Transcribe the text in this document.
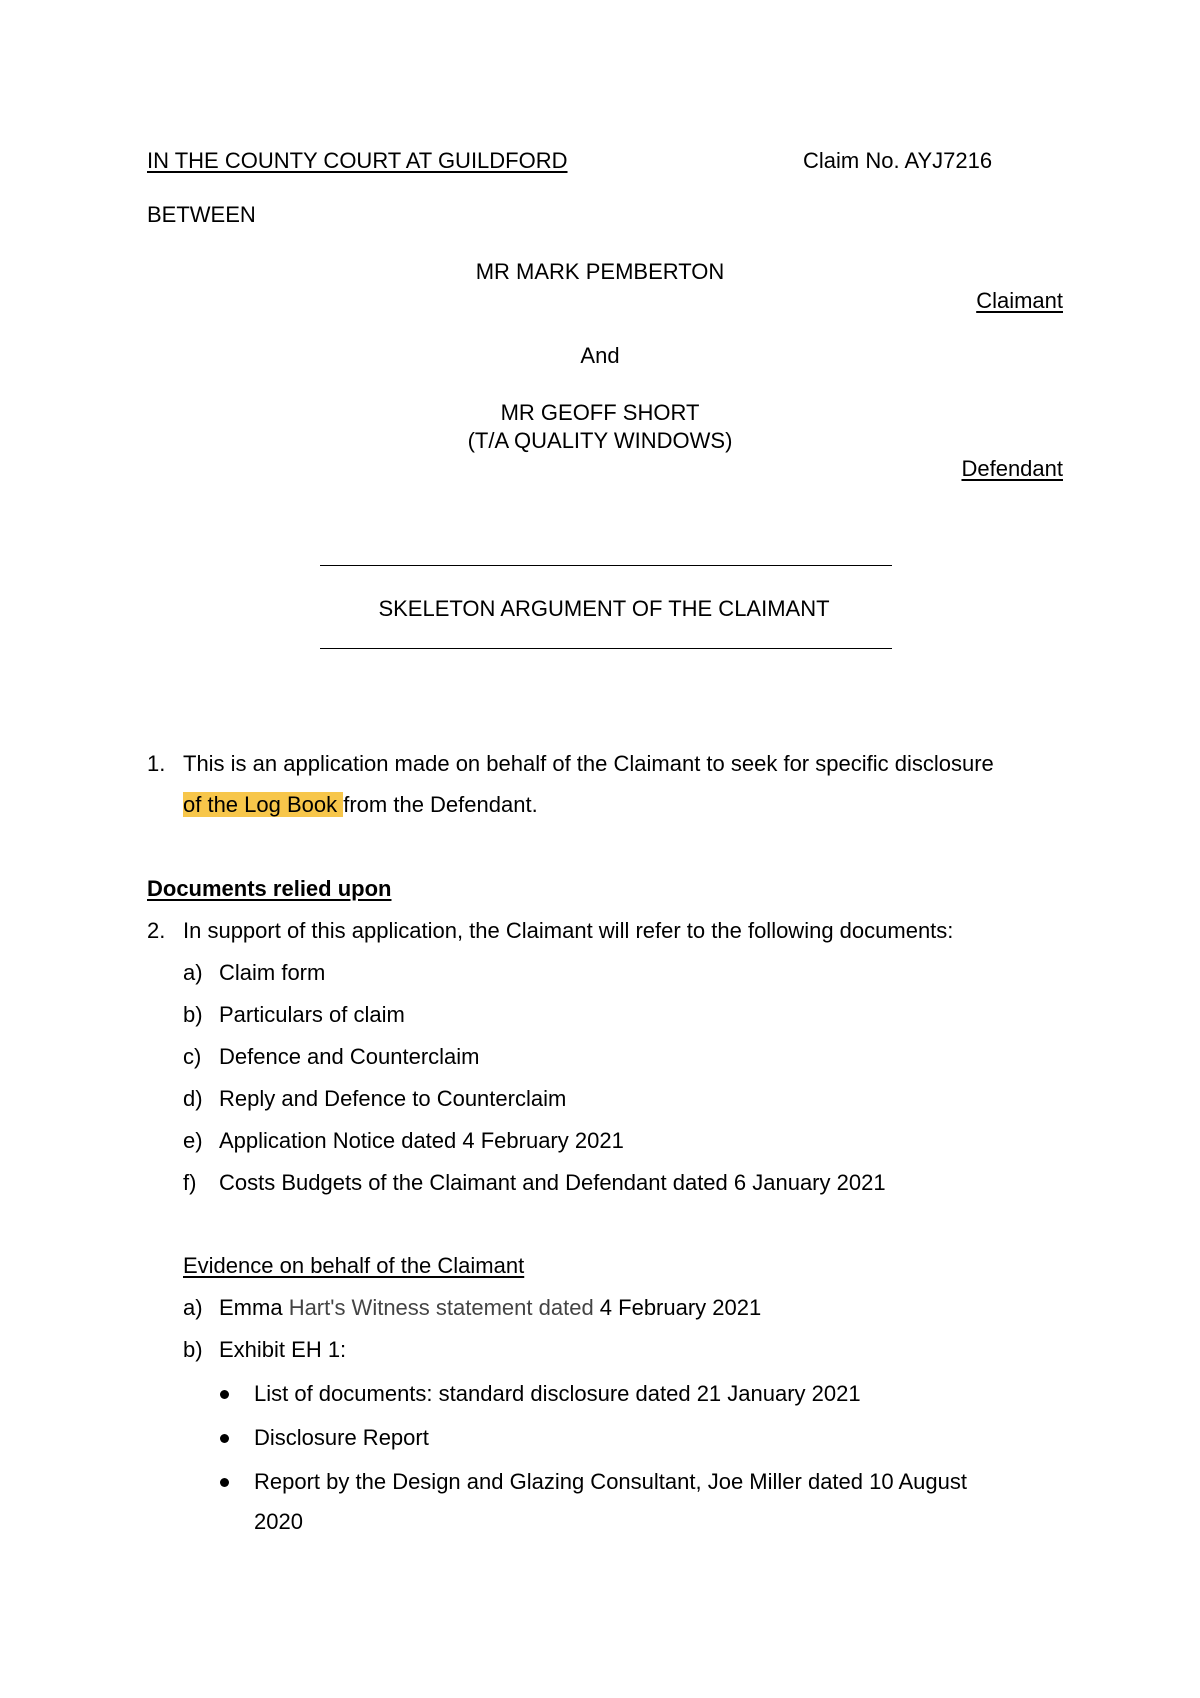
IN THE COUNTY COURT AT GUILDFORD	Claim No. AYJ7216
BETWEEN
MR MARK PEMBERTON
Claimant
And
MR GEOFF SHORT
(T/A QUALITY WINDOWS)
Defendant
SKELETON ARGUMENT OF THE CLAIMANT
1. This is an application made on behalf of the Claimant to seek for specific disclosure
of the Log Book from the Defendant.
Documents relied upon
2. In support of this application, the Claimant will refer to the following documents:
a) Claim form
b) Particulars of claim
c) Defence and Counterclaim
d) Reply and Defence to Counterclaim
e) Application Notice dated 4 February 2021
f) Costs Budgets of the Claimant and Defendant dated 6 January 2021
Evidence on behalf of the Claimant
a) Emma Hart's Witness statement dated 4 February 2021
b) Exhibit EH 1:
List of documents: standard disclosure dated 21 January 2021
Disclosure Report
Report by the Design and Glazing Consultant, Joe Miller dated 10 August
2020
